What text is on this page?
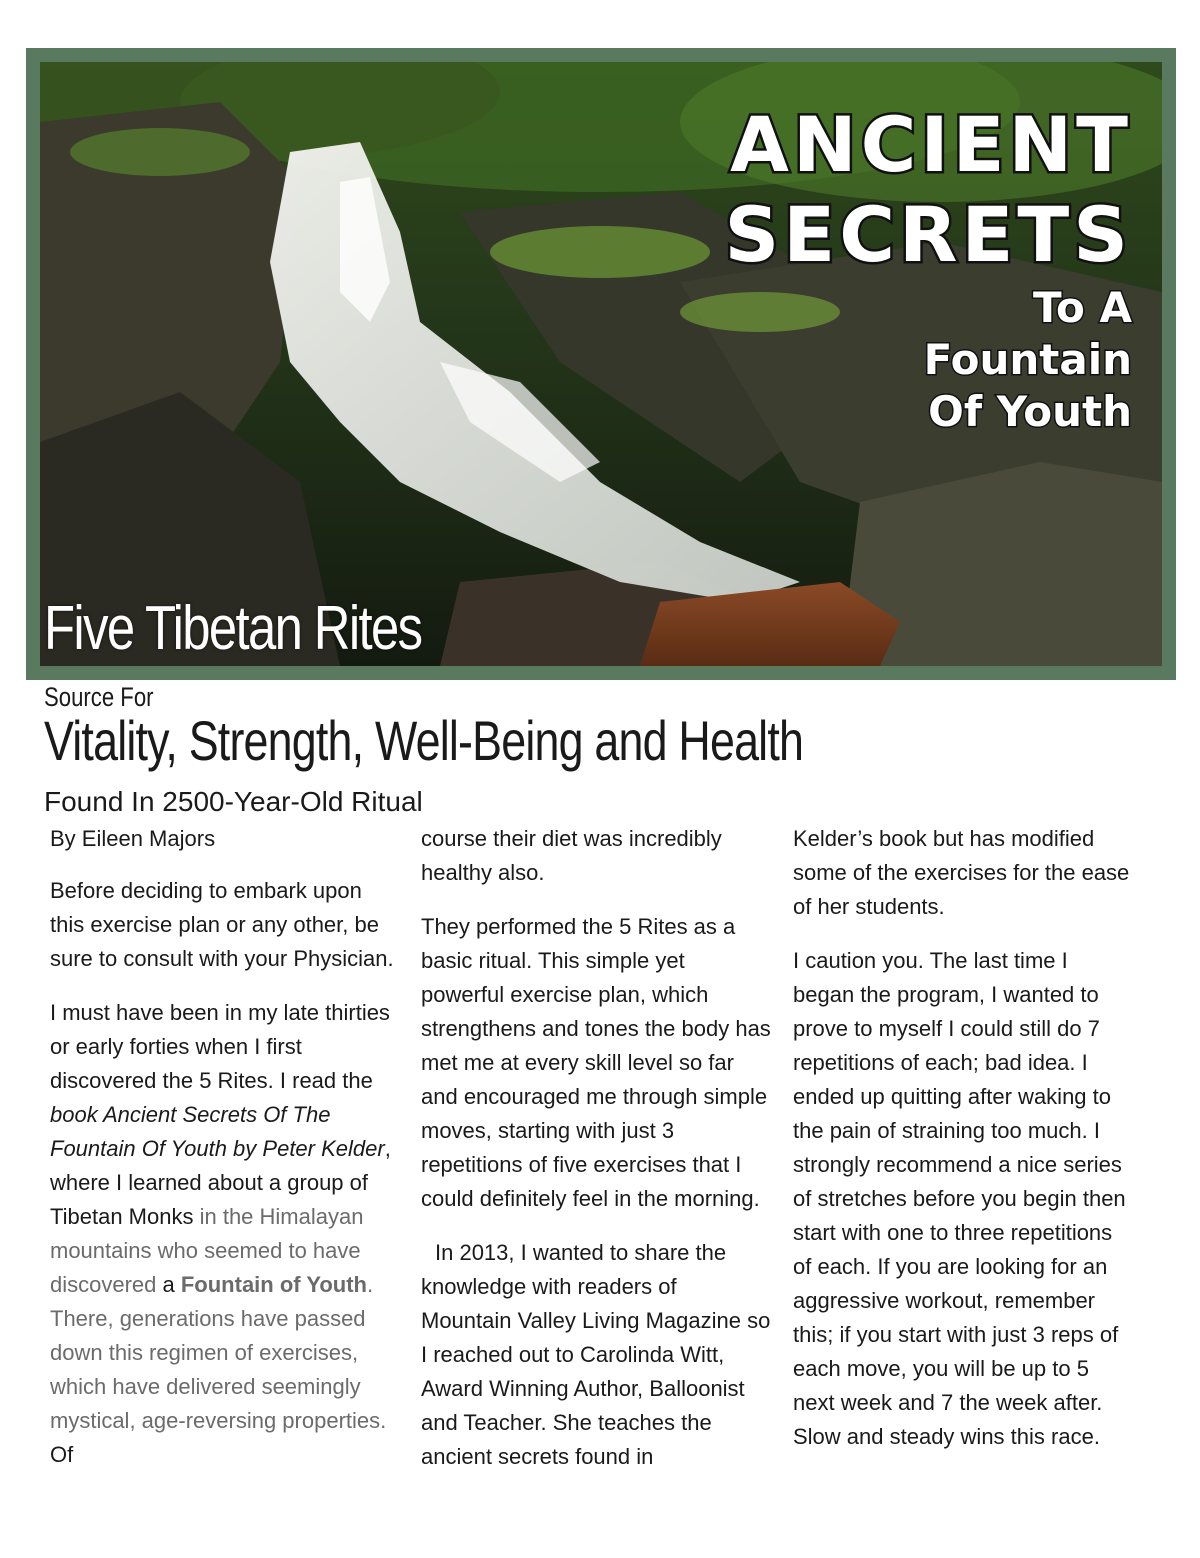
ANCIENT
SECRETS
To A
Fountain
Of Youth
Five Tibetan Rites
Source For
Vitality, Strength, Well-Being and Health
Found In 2500-Year-Old Ritual

By Eileen Majors

Before deciding to embark upon this exercise plan or any other, be sure to consult with your Physician.

I must have been in my late thirties or early forties when I first discovered the 5 Rites. I read the book Ancient Secrets Of The Fountain Of Youth by Peter Kelder, where I learned about a group of Tibetan Monks in the Himalayan mountains who seemed to have discovered a Fountain of Youth. There, generations have passed down this regimen of exercises, which have delivered seemingly mystical, age-reversing properties. Of

course their diet was incredibly healthy also.

They performed the 5 Rites as a basic ritual. This simple yet powerful exercise plan, which strengthens and tones the body has met me at every skill level so far and encouraged me through simple moves, starting with just 3 repetitions of five exercises that I could definitely feel in the morning.

In 2013, I wanted to share the knowledge with readers of Mountain Valley Living Magazine so I reached out to Carolinda Witt, Award Winning Author, Balloonist and Teacher. She teaches the ancient secrets found in

Kelder’s book but has modified some of the exercises for the ease of her students.

I caution you. The last time I began the program, I wanted to prove to myself I could still do 7 repetitions of each; bad idea. I ended up quitting after waking to the pain of straining too much. I strongly recommend a nice series of stretches before you begin then start with one to three repetitions of each. If you are looking for an aggressive workout, remember this; if you start with just 3 reps of each move, you will be up to 5 next week and 7 the week after. Slow and steady wins this race.
